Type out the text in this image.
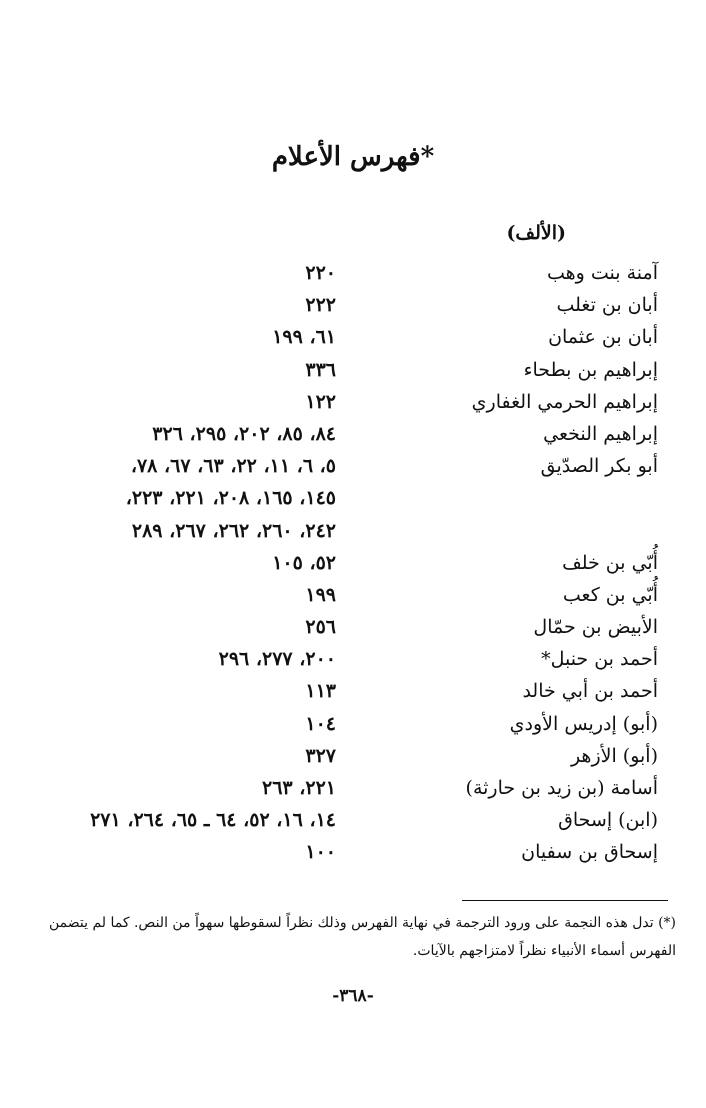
فهرس الأعلام*
(الألف)
آمنة بنت وهب
٢٢٠
أبان بن تغلب
٢٢٢
أبان بن عثمان
٦١، ١٩٩
إبراهيم بن بطحاء
٣٣٦
إبراهيم الحرمي الغفاري
١٢٢
إبراهيم النخعي
٨٤، ٨٥، ٢٠٢، ٢٩٥، ٣٢٦
أبو بكر الصدّيق
٥، ٦، ١١، ٢٢، ٦٣، ٦٧، ٧٨،
١٤٥، ١٦٥، ٢٠٨، ٢٢١، ٢٢٣،
٢٤٢، ٢٦٠، ٢٦٢، ٢٦٧، ٢٨٩
أُبّي بن خلف
٥٢، ١٠٥
أُبّي بن كعب
١٩٩
الأبيض بن حمّال
٢٥٦
أحمد بن حنبل*
٢٠٠، ٢٧٧، ٢٩٦
أحمد بن أبي خالد
١١٣
(أبو) إدريس الأودي
١٠٤
(أبو) الأزهر
٣٢٧
أسامة (بن زيد بن حارثة)
٢٢١، ٢٦٣
(ابن) إسحاق
١٤، ١٦، ٥٢، ٦٤ ـ ٦٥، ٢٦٤، ٢٧١
إسحاق بن سفيان
١٠٠
(*) تدل هذه النجمة على ورود الترجمة في نهاية الفهرس وذلك نظراً لسقوطها سهواً من النص. كما لم يتضمن الفهرس أسماء الأنبياء نظراً لامتزاجهم بالآيات.
-٣٦٨-
